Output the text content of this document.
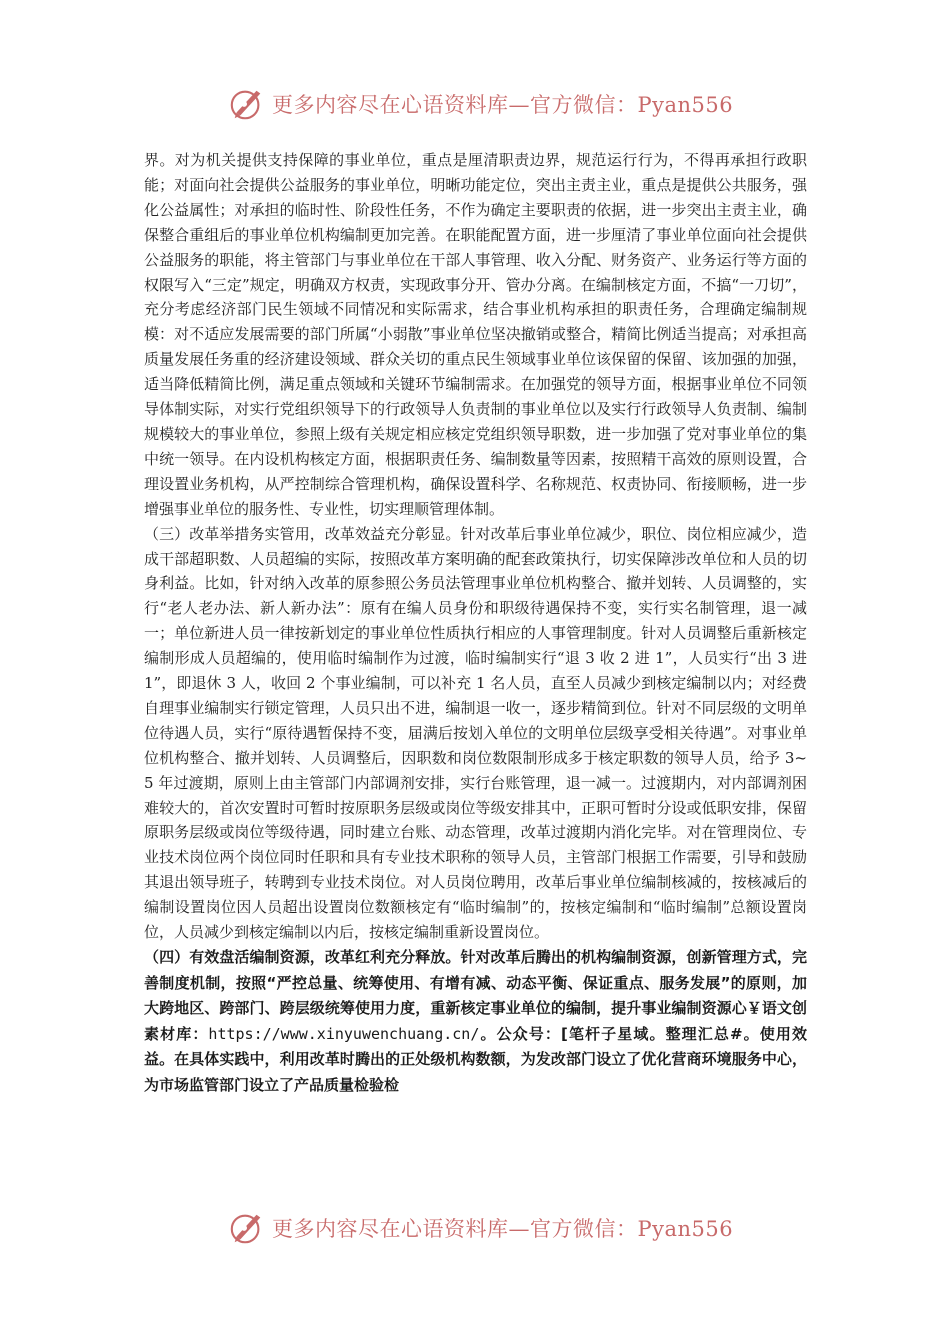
更多内容尽在心语资料库—官方微信：Pyan556

界。对为机关提供支持保障的事业单位，重点是厘清职责边界，规范运行行为，不得再承担行政职能；对面向社会提供公益服务的事业单位，明晰功能定位，突出主责主业，重点是提供公共服务，强化公益属性；对承担的临时性、阶段性任务，不作为确定主要职责的依据，进一步突出主责主业，确保整合重组后的事业单位机构编制更加完善。在职能配置方面，进一步厘清了事业单位面向社会提供公益服务的职能，将主管部门与事业单位在干部人事管理、收入分配、财务资产、业务运行等方面的权限写入“三定”规定，明确双方权责，实现政事分开、管办分离。在编制核定方面，不搞“一刀切”，充分考虑经济部门民生领域不同情况和实际需求，结合事业机构承担的职责任务，合理确定编制规模：对不适应发展需要的部门所属“小弱散”事业单位坚决撤销或整合，精简比例适当提高；对承担高质量发展任务重的经济建设领域、群众关切的重点民生领域事业单位该保留的保留、该加强的加强，适当降低精简比例，满足重点领域和关键环节编制需求。在加强党的领导方面，根据事业单位不同领导体制实际，对实行党组织领导下的行政领导人负责制的事业单位以及实行行政领导人负责制、编制规模较大的事业单位，参照上级有关规定相应核定党组织领导职数，进一步加强了党对事业单位的集中统一领导。在内设机构核定方面，根据职责任务、编制数量等因素，按照精干高效的原则设置，合理设置业务机构，从严控制综合管理机构，确保设置科学、名称规范、权责协同、衔接顺畅，进一步增强事业单位的服务性、专业性，切实理顺管理体制。

（三）改革举措务实管用，改革效益充分彰显。针对改革后事业单位减少，职位、岗位相应减少，造成干部超职数、人员超编的实际，按照改革方案明确的配套政策执行，切实保障涉改单位和人员的切身利益。比如，针对纳入改革的原参照公务员法管理事业单位机构整合、撤并划转、人员调整的，实行“老人老办法、新人新办法”：原有在编人员身份和职级待遇保持不变，实行实名制管理，退一减一；单位新进人员一律按新划定的事业单位性质执行相应的人事管理制度。针对人员调整后重新核定编制形成人员超编的，使用临时编制作为过渡，临时编制实行“退 3 收 2 进 1”，人员实行“出 3 进 1”，即退休 3 人，收回 2 个事业编制，可以补充 1 名人员，直至人员减少到核定编制以内；对经费自理事业编制实行锁定管理，人员只出不进，编制退一收一，逐步精简到位。针对不同层级的文明单位待遇人员，实行“原待遇暂保持不变，届满后按划入单位的文明单位层级享受相关待遇”。对事业单位机构整合、撤并划转、人员调整后，因职数和岗位数限制形成多于核定职数的领导人员，给予 3~5 年过渡期，原则上由主管部门内部调剂安排，实行台账管理，退一减一。过渡期内，对内部调剂困难较大的，首次安置时可暂时按原职务层级或岗位等级安排其中，正职可暂时分设或低职安排，保留原职务层级或岗位等级待遇，同时建立台账、动态管理，改革过渡期内消化完毕。对在管理岗位、专业技术岗位两个岗位同时任职和具有专业技术职称的领导人员，主管部门根据工作需要，引导和鼓励其退出领导班子，转聘到专业技术岗位。对人员岗位聘用，改革后事业单位编制核减的，按核减后的编制设置岗位因人员超出设置岗位数额核定有“临时编制”的，按核定编制和“临时编制”总额设置岗位，人员减少到核定编制以内后，按核定编制重新设置岗位。

（四）有效盘活编制资源，改革红利充分释放。针对改革后腾出的机构编制资源，创新管理方式，完善制度机制，按照“严控总量、统筹使用、有增有减、动态平衡、保证重点、服务发展”的原则，加大跨地区、跨部门、跨层级统筹使用力度，重新核定事业单位的编制，提升事业编制资源心￥语文创素材库：https://www.xinyuwenchuang.cn/。公众号：[笔杆子星域。整理汇总#。使用效益。在具体实践中，利用改革时腾出的正处级机构数额，为发改部门设立了优化营商环境服务中心，为市场监管部门设立了产品质量检验检

更多内容尽在心语资料库—官方微信：Pyan556
